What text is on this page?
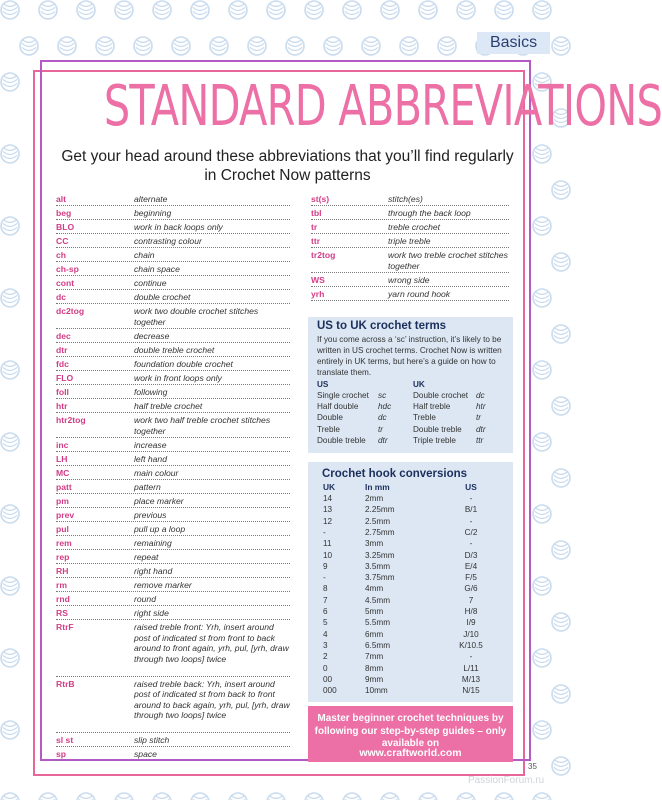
Basics
STANDARD ABBREVIATIONS
Get your head around these abbreviations that you’ll find regularly in Crochet Now patterns
alt	alternate
beg	beginning
BLO	work in back loops only
CC	contrasting colour
ch	chain
ch-sp	chain space
cont	continue
dc	double crochet
dc2tog	work two double crochet stitches together
dec	decrease
dtr	double treble crochet
fdc	foundation double crochet
FLO	work in front loops only
foll	following
htr	half treble crochet
htr2tog	work two half treble crochet stitches together
inc	increase
LH	left hand
MC	main colour
patt	pattern
pm	place marker
prev	previous
pul	pull up a loop
rem	remaining
rep	repeat
RH	right hand
rm	remove marker
rnd	round
RS	right side
RtrF	raised treble front: Yrh, insert around post of indicated st from front to back around to front again, yrh, pul, [yrh, draw through two loops] twice
RtrB	raised treble back: Yrh, insert around post of indicated st from back to front around to back again, yrh, pul, [yrh, draw through two loops] twice
sl st	slip stitch
sp	space
st(s)	stitch(es)
tbl	through the back loop
tr	treble crochet
ttr	triple treble
tr2tog	work two treble crochet stitches together
WS	wrong side
yrh	yarn round hook
US to UK crochet terms
If you come across a ‘sc’ instruction, it’s likely to be written in US crochet terms. Crochet Now is written entirely in UK terms, but here’s a guide on how to translate them.
US	UK
Single crochet sc	Double crochet dc
Half double hdc	Half treble	htr
Double	dc	Treble	tr
Treble	tr	Double treble dtr
Double treble dtr	Triple treble ttr
Crochet hook conversions
UK	In mm	US
14	2mm	-
13	2.25mm	B/1
12	2.5mm	-
-	2.75mm	C/2
11	3mm	-
10	3.25mm	D/3
9	3.5mm	E/4
-	3.75mm	F/5
8	4mm	G/6
7	4.5mm	7
6	5mm	H/8
5	5.5mm	I/9
4	6mm	J/10
3	6.5mm	K/10.5
2	7mm	-
0	8mm	L/11
00	9mm	M/13
000	10mm	N/15
Master beginner crochet techniques by following our step-by-step guides – only available on
www.craftworld.com
35
PassionForum.ru
